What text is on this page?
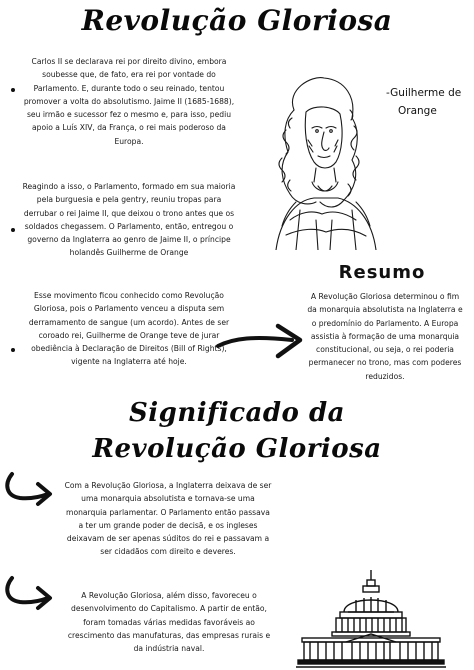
Revolução Gloriosa
Carlos II se declarava rei por direito divino, embora soubesse que, de fato, era rei por vontade do Parlamento. E, durante todo o seu reinado, tentou promover a volta do absolutismo. Jaime II (1685-1688), seu irmão e sucessor fez o mesmo e, para isso, pediu apoio a Luís XIV, da França, o rei mais poderoso da Europa.
Reagindo a isso, o Parlamento, formado em sua maioria pela burguesia e pela gentry, reuniu tropas para derrubar o rei Jaime II, que deixou o trono antes que os soldados chegassem. O Parlamento, então, entregou o governo da Inglaterra ao genro de Jaime II, o príncipe holandês Guilherme de Orange
Esse movimento ficou conhecido como Revolução Gloriosa, pois o Parlamento venceu a disputa sem derramamento de sangue (um acordo). Antes de ser coroado rei, Guilherme de Orange teve de jurar obediência à Declaração de Direitos (Bill of Rights), vigente na Inglaterra até hoje.
-Guilherme de
Orange
Resumo
A Revolução Gloriosa determinou o fim da monarquia absolutista na Inglaterra e o predomínio do Parlamento. A Europa assistia à formação de uma monarquia constitucional, ou seja, o rei poderia permanecer no trono, mas com poderes reduzidos.
Significado da
Revolução Gloriosa
Com a Revolução Gloriosa, a Inglaterra deixava de ser uma monarquia absolutista e tornava-se uma monarquia parlamentar. O Parlamento então passava a ter um grande poder de decisã, e os ingleses deixavam de ser apenas súditos do rei e passavam a ser cidadãos com direito e deveres.
A Revolução Gloriosa, além disso, favoreceu o desenvolvimento do Capitalismo. A partir de então, foram tomadas várias medidas favoráveis ao crescimento das manufaturas, das empresas rurais e da indústria naval.
